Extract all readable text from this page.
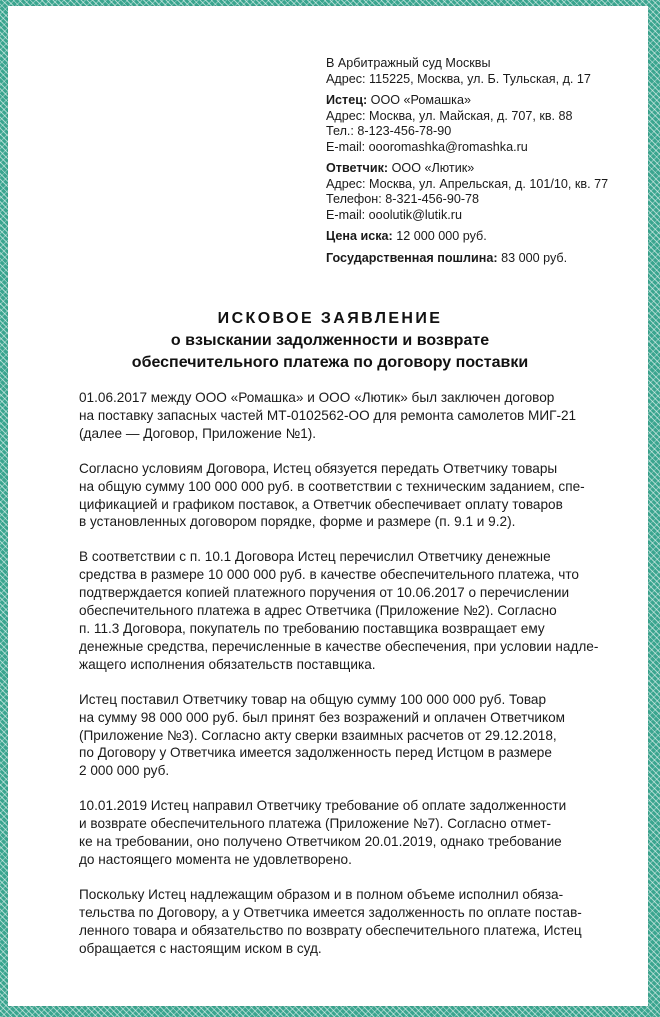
В Арбитражный суд Москвы
Адрес: 115225, Москва, ул. Б. Тульская, д. 17
Истец: ООО «Ромашка»
Адрес: Москва, ул. Майская, д. 707, кв. 88
Тел.: 8-123-456-78-90
E-mail: oooromashka@romashka.ru
Ответчик: ООО «Лютик»
Адрес: Москва, ул. Апрельская, д. 101/10, кв. 77
Телефон: 8-321-456-90-78
E-mail: ooolutik@lutik.ru
Цена иска: 12 000 000 руб.
Государственная пошлина: 83 000 руб.
ИСКОВОЕ ЗАЯВЛЕНИЕ
о взыскании задолженности и возврате
обеспечительного платежа по договору поставки

01.06.2017 между ООО «Ромашка» и ООО «Лютик» был заключен договор
на поставку запасных частей МТ-0102562-ОО для ремонта самолетов МИГ-21
(далее — Договор, Приложение №1).

Согласно условиям Договора, Истец обязуется передать Ответчику товары
на общую сумму 100 000 000 руб. в соответствии с техническим заданием, спе-
цификацией и графиком поставок, а Ответчик обеспечивает оплату товаров
в установленных договором порядке, форме и размере (п. 9.1 и 9.2).

В соответствии с п. 10.1 Договора Истец перечислил Ответчику денежные
средства в размере 10 000 000 руб. в качестве обеспечительного платежа, что
подтверждается копией платежного поручения от 10.06.2017 о перечислении
обеспечительного платежа в адрес Ответчика (Приложение №2). Согласно
п. 11.3 Договора, покупатель по требованию поставщика возвращает ему
денежные средства, перечисленные в качестве обеспечения, при условии надле-
жащего исполнения обязательств поставщика.

Истец поставил Ответчику товар на общую сумму 100 000 000 руб. Товар
на сумму 98 000 000 руб. был принят без возражений и оплачен Ответчиком
(Приложение №3). Согласно акту сверки взаимных расчетов от 29.12.2018,
по Договору у Ответчика имеется задолженность перед Истцом в размере
2 000 000 руб.

10.01.2019 Истец направил Ответчику требование об оплате задолженности
и возврате обеспечительного платежа (Приложение №7). Согласно отмет-
ке на требовании, оно получено Ответчиком 20.01.2019, однако требование
до настоящего момента не удовлетворено.

Поскольку Истец надлежащим образом и в полном объеме исполнил обяза-
тельства по Договору, а у Ответчика имеется задолженность по оплате постав-
ленного товара и обязательство по возврату обеспечительного платежа, Истец
обращается с настоящим иском в суд.
